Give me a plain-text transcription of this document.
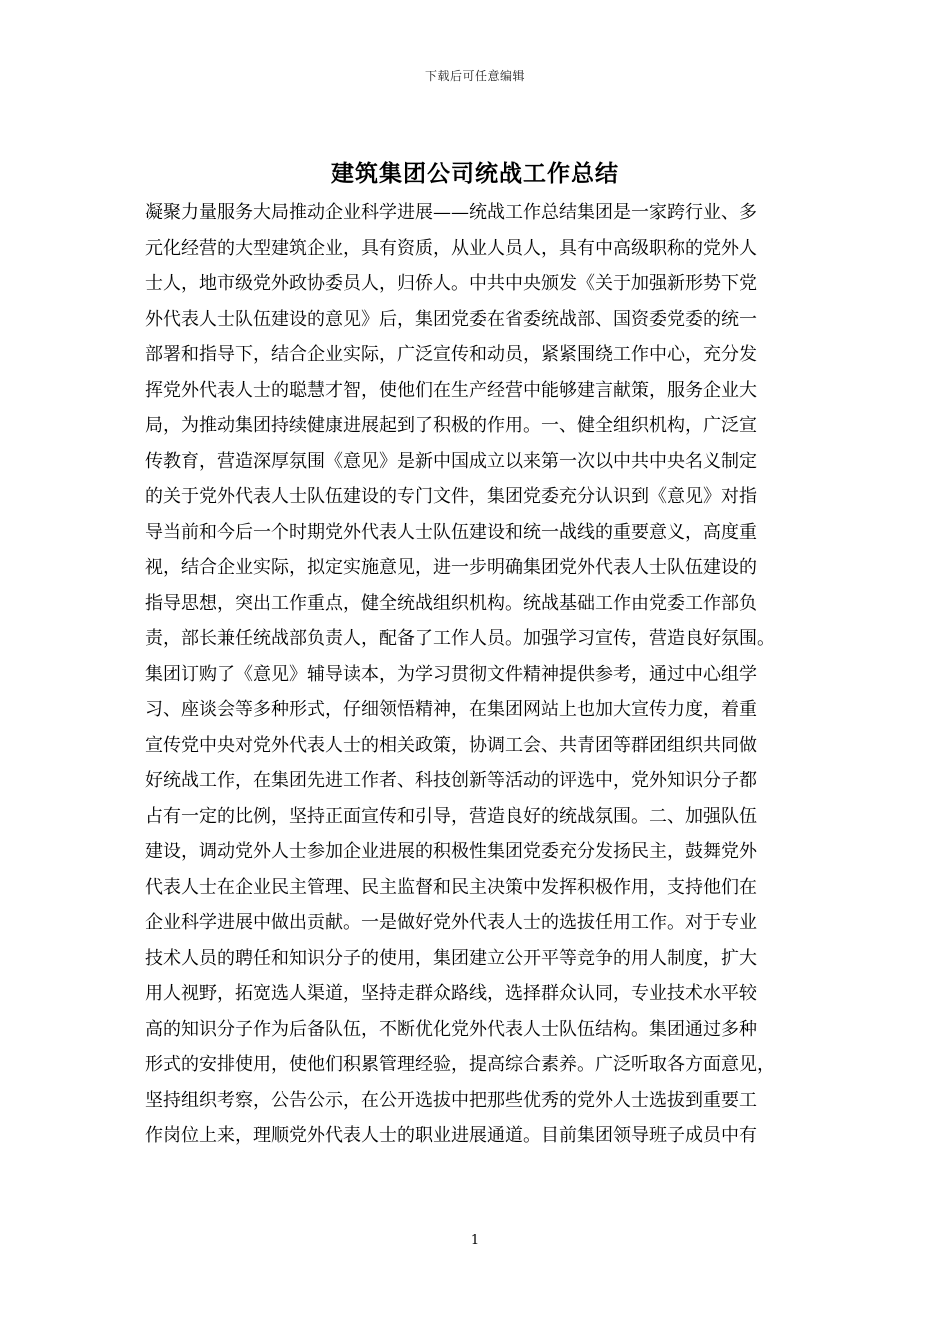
下载后可任意编辑
建筑集团公司统战工作总结
凝聚力量服务大局推动企业科学进展——统战工作总结集团是一家跨行业、多
元化经营的大型建筑企业，具有资质，从业人员人，具有中高级职称的党外人
士人，地市级党外政协委员人，归侨人。中共中央颁发《关于加强新形势下党
外代表人士队伍建设的意见》后，集团党委在省委统战部、国资委党委的统一
部署和指导下，结合企业实际，广泛宣传和动员，紧紧围绕工作中心，充分发
挥党外代表人士的聪慧才智，使他们在生产经营中能够建言献策，服务企业大
局，为推动集团持续健康进展起到了积极的作用。一、健全组织机构，广泛宣
传教育，营造深厚氛围《意见》是新中国成立以来第一次以中共中央名义制定
的关于党外代表人士队伍建设的专门文件，集团党委充分认识到《意见》对指
导当前和今后一个时期党外代表人士队伍建设和统一战线的重要意义，高度重
视，结合企业实际，拟定实施意见，进一步明确集团党外代表人士队伍建设的
指导思想，突出工作重点，健全统战组织机构。统战基础工作由党委工作部负
责，部长兼任统战部负责人，配备了工作人员。加强学习宣传，营造良好氛围。
集团订购了《意见》辅导读本，为学习贯彻文件精神提供参考，通过中心组学
习、座谈会等多种形式，仔细领悟精神，在集团网站上也加大宣传力度，着重
宣传党中央对党外代表人士的相关政策，协调工会、共青团等群团组织共同做
好统战工作，在集团先进工作者、科技创新等活动的评选中，党外知识分子都
占有一定的比例，坚持正面宣传和引导，营造良好的统战氛围。二、加强队伍
建设，调动党外人士参加企业进展的积极性集团党委充分发扬民主，鼓舞党外
代表人士在企业民主管理、民主监督和民主决策中发挥积极作用，支持他们在
企业科学进展中做出贡献。一是做好党外代表人士的选拔任用工作。对于专业
技术人员的聘任和知识分子的使用，集团建立公开平等竞争的用人制度，扩大
用人视野，拓宽选人渠道，坚持走群众路线，选择群众认同，专业技术水平较
高的知识分子作为后备队伍，不断优化党外代表人士队伍结构。集团通过多种
形式的安排使用，使他们积累管理经验，提高综合素养。广泛听取各方面意见，
坚持组织考察，公告公示，在公开选拔中把那些优秀的党外人士选拔到重要工
作岗位上来，理顺党外代表人士的职业进展通道。目前集团领导班子成员中有
1
